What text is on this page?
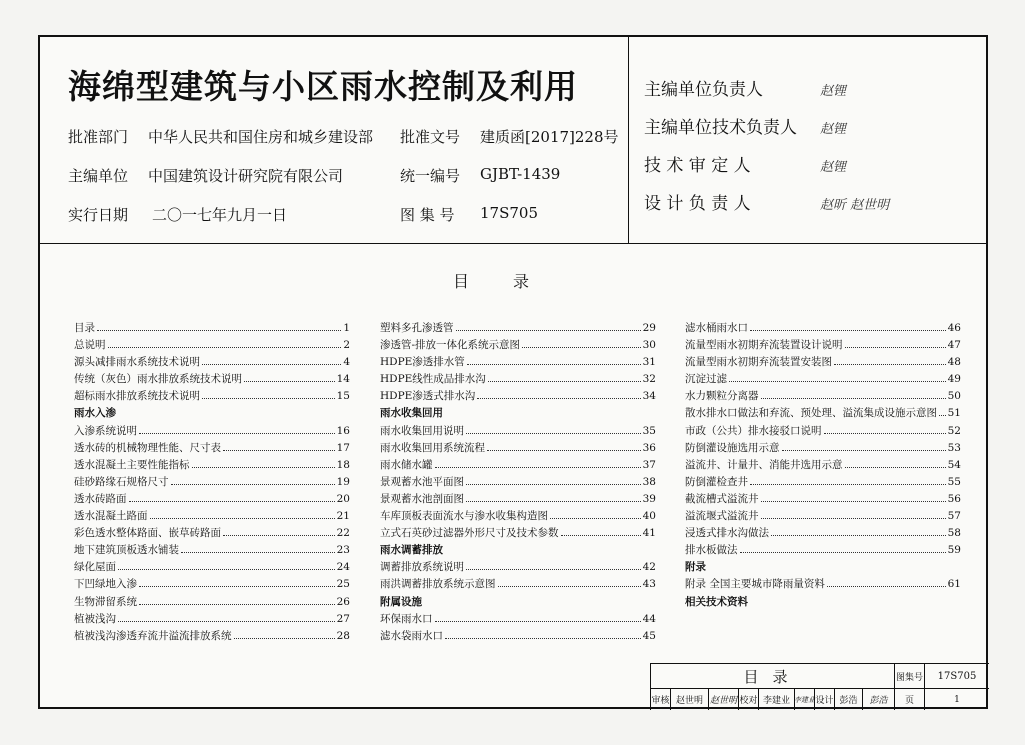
海绵型建筑与小区雨水控制及利用
批准部门 中华人民共和国住房和城乡建设部 批准文号 建质函[2017]228号
主编单位 中国建筑设计研究院有限公司	统一编号 GJBT-1439
实行日期 二〇一七年九月一日	图 集 号 17S705
主编单位负责人	赵锂
主编单位技术负责人 赵锂
技 术 审 定 人	赵锂
设 计 负 责 人	赵昕 赵世明
目录
目录	1
总说明	2
源头减排雨水系统技术说明	4
传统（灰色）雨水排放系统技术说明	14
超标雨水排放系统技术说明	15
雨水入渗
入渗系统说明	16
透水砖的机械物理性能、尺寸表	17
透水混凝土主要性能指标	18
硅砂路缘石规格尺寸	19
透水砖路面	20
透水混凝土路面	21
彩色透水整体路面、嵌草砖路面	22
地下建筑顶板透水铺装	23
绿化屋面	24
下凹绿地入渗	25
生物滞留系统	26
植被浅沟	27
植被浅沟渗透弃流井溢流排放系统	28
塑料多孔渗透管	29
渗透管-排放一体化系统示意图	30
HDPE渗透排水管	31
HDPE线性成品排水沟	32
HDPE渗透式排水沟	34
雨水收集回用
雨水收集回用说明	35
雨水收集回用系统流程	36
雨水储水罐	37
景观蓄水池平面图	38
景观蓄水池剖面图	39
车库顶板表面流水与渗水收集构造图	40
立式石英砂过滤器外形尺寸及技术参数	41
雨水调蓄排放
调蓄排放系统说明	42
雨洪调蓄排放系统示意图	43
附属设施
环保雨水口	44
滤水袋雨水口	45
滤水桶雨水口	46
流量型雨水初期弃流装置设计说明	47
流量型雨水初期弃流装置安装图	48
沉淀过滤	49
水力颗粒分离器	50
散水排水口做法和弃流、预处理、溢流集成设施示意图 51
市政（公共）排水接驳口说明	52
防倒灌设施选用示意	53
溢流井、计量井、消能井选用示意	54
防倒灌检查井	55
截流槽式溢流井	56
溢流堰式溢流井	57
浸透式排水沟做法	58
排水板做法	59
附录
附录 全国主要城市降雨量资料	61
相关技术资料
目录	图集号 17S705
审核 赵世明 赵世明 校对 李建业 李建业 设计 彭浩 彭浩 页	1
